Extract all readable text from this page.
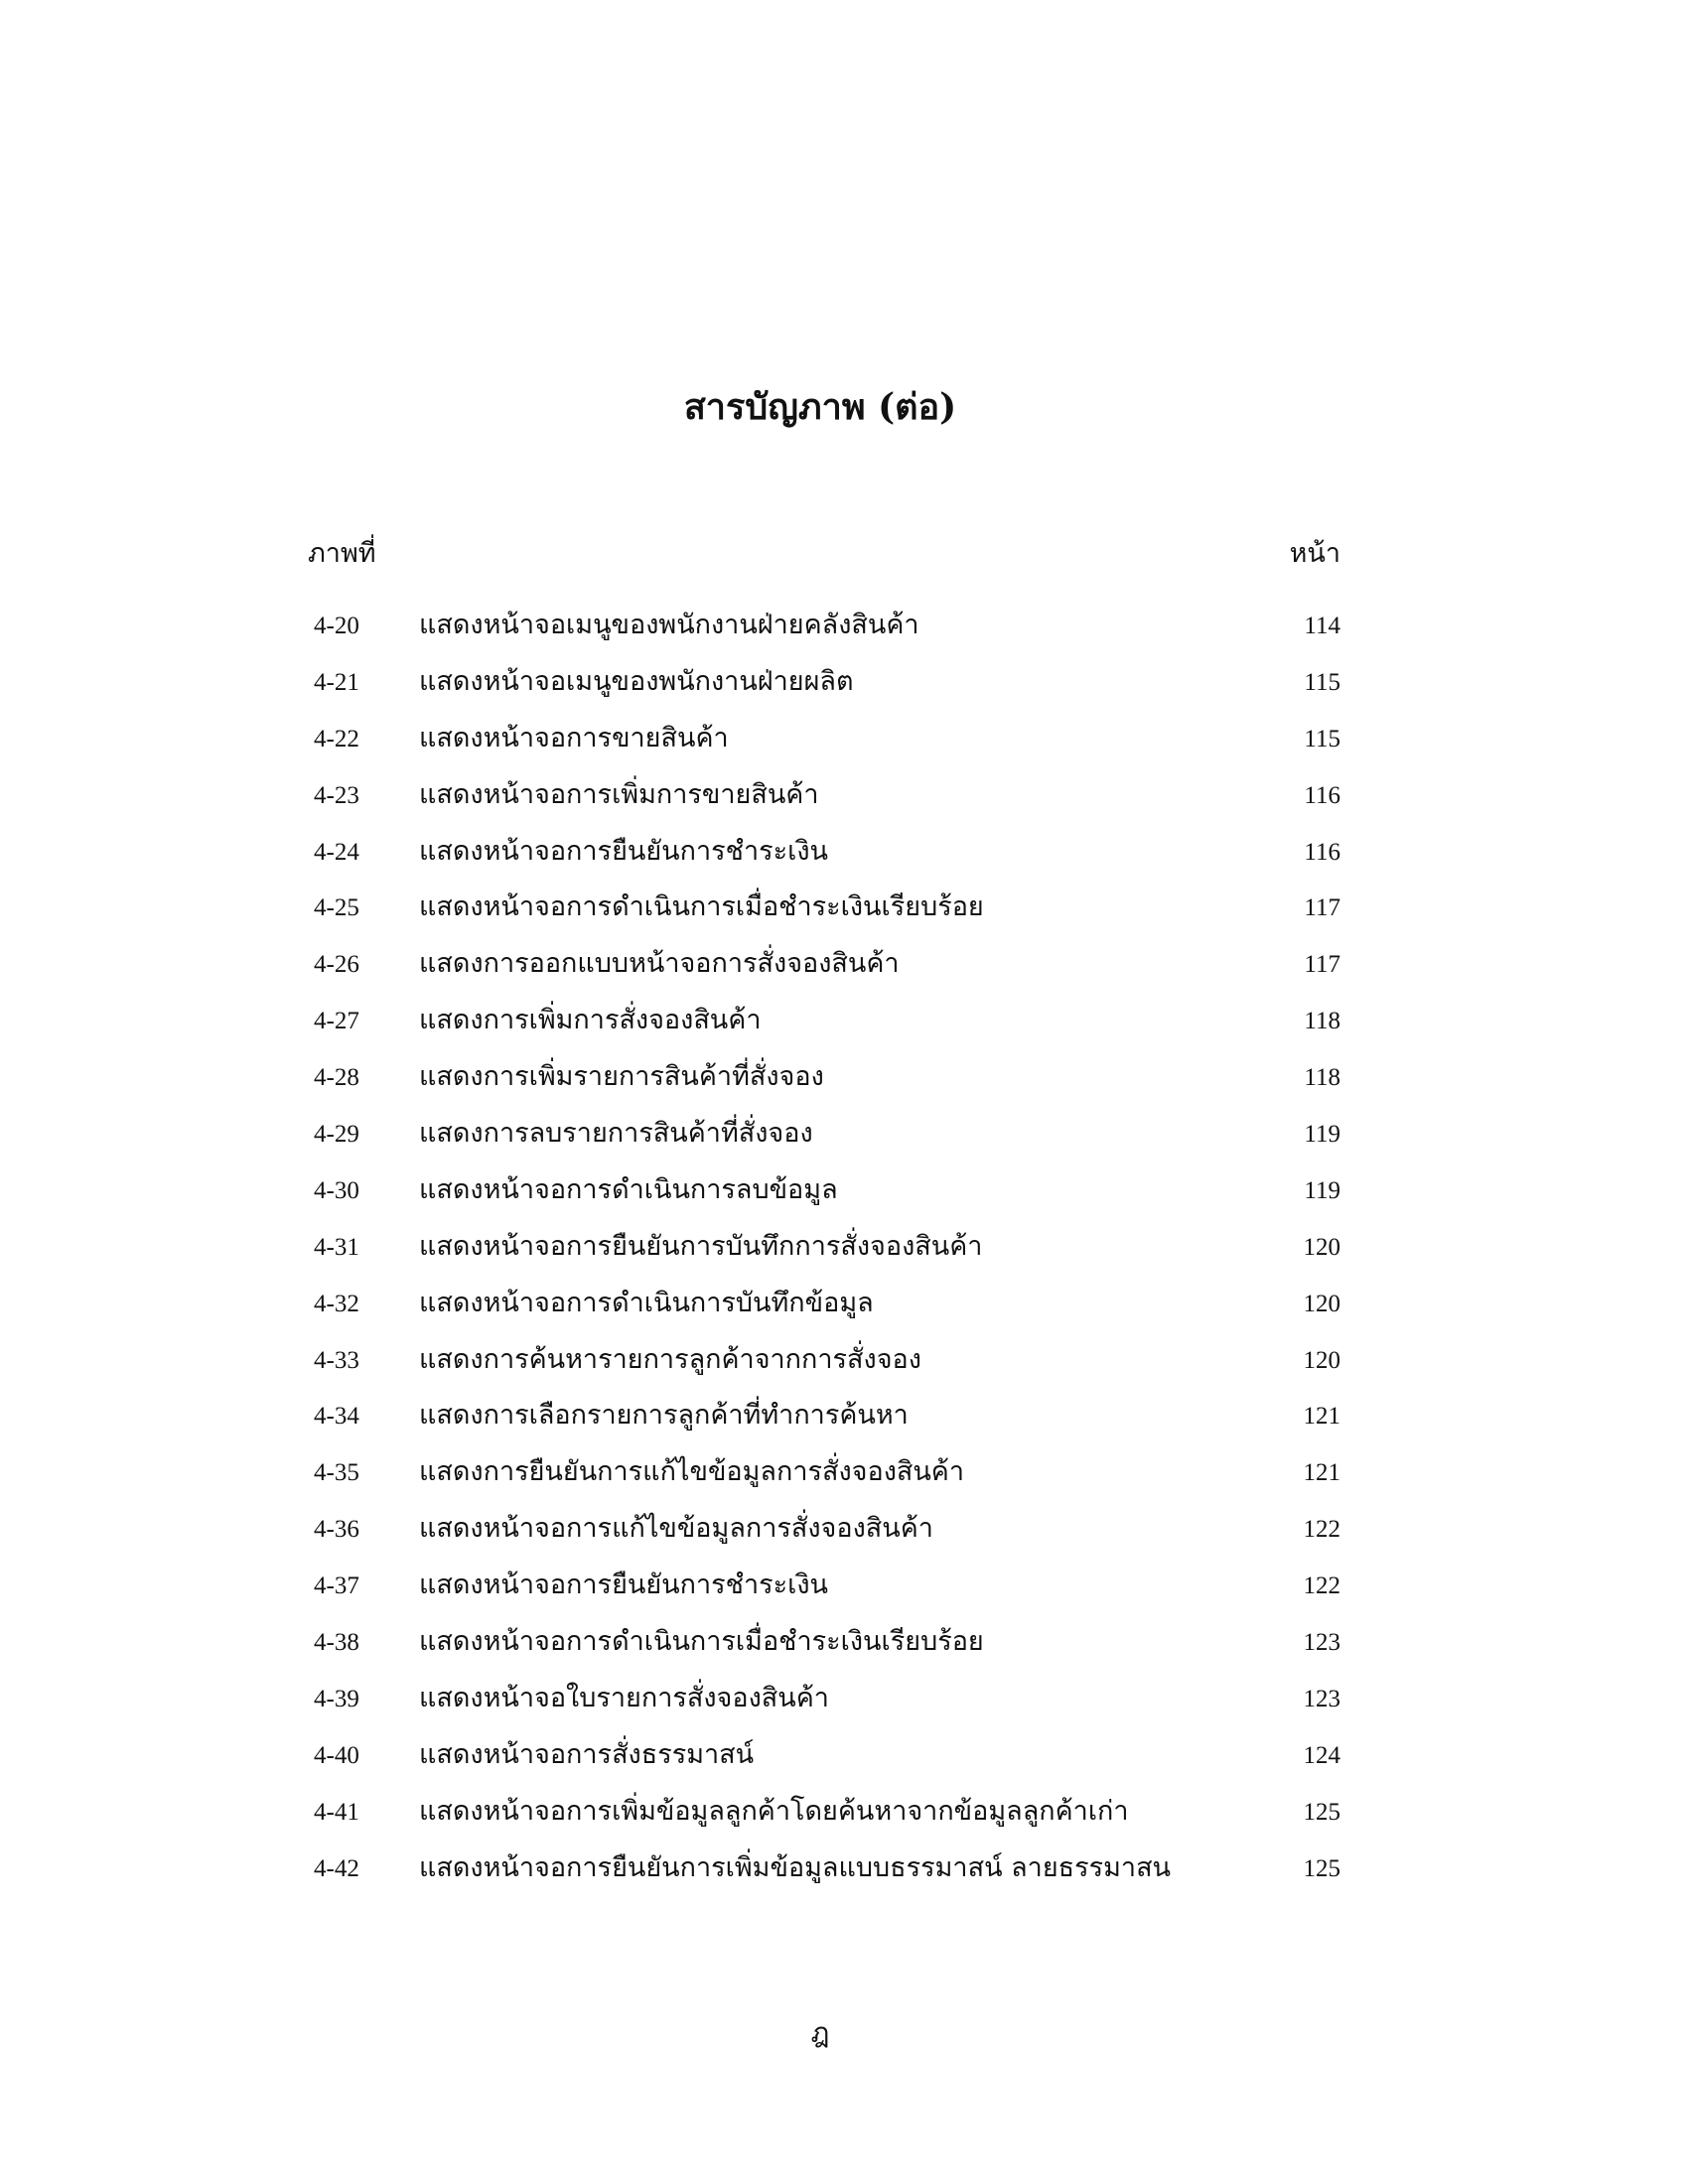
สารบัญภาพ (ต่อ)
ภาพที่	หน้า
4-20	แสดงหน้าจอเมนูของพนักงานฝ่ายคลังสินค้า	114
4-21	แสดงหน้าจอเมนูของพนักงานฝ่ายผลิต	115
4-22	แสดงหน้าจอการขายสินค้า	115
4-23	แสดงหน้าจอการเพิ่มการขายสินค้า	116
4-24	แสดงหน้าจอการยืนยันการชำระเงิน	116
4-25	แสดงหน้าจอการดำเนินการเมื่อชำระเงินเรียบร้อย	117
4-26	แสดงการออกแบบหน้าจอการสั่งจองสินค้า	117
4-27	แสดงการเพิ่มการสั่งจองสินค้า	118
4-28	แสดงการเพิ่มรายการสินค้าที่สั่งจอง	118
4-29	แสดงการลบรายการสินค้าที่สั่งจอง	119
4-30	แสดงหน้าจอการดำเนินการลบข้อมูล	119
4-31	แสดงหน้าจอการยืนยันการบันทึกการสั่งจองสินค้า	120
4-32	แสดงหน้าจอการดำเนินการบันทึกข้อมูล	120
4-33	แสดงการค้นหารายการลูกค้าจากการสั่งจอง	120
4-34	แสดงการเลือกรายการลูกค้าที่ทำการค้นหา	121
4-35	แสดงการยืนยันการแก้ไขข้อมูลการสั่งจองสินค้า	121
4-36	แสดงหน้าจอการแก้ไขข้อมูลการสั่งจองสินค้า	122
4-37	แสดงหน้าจอการยืนยันการชำระเงิน	122
4-38	แสดงหน้าจอการดำเนินการเมื่อชำระเงินเรียบร้อย	123
4-39	แสดงหน้าจอใบรายการสั่งจองสินค้า	123
4-40	แสดงหน้าจอการสั่งธรรมาสน์	124
4-41	แสดงหน้าจอการเพิ่มข้อมูลลูกค้าโดยค้นหาจากข้อมูลลูกค้าเก่า	125
4-42	แสดงหน้าจอการยืนยันการเพิ่มข้อมูลแบบธรรมาสน์ ลายธรรมาสน	125
ฎ
